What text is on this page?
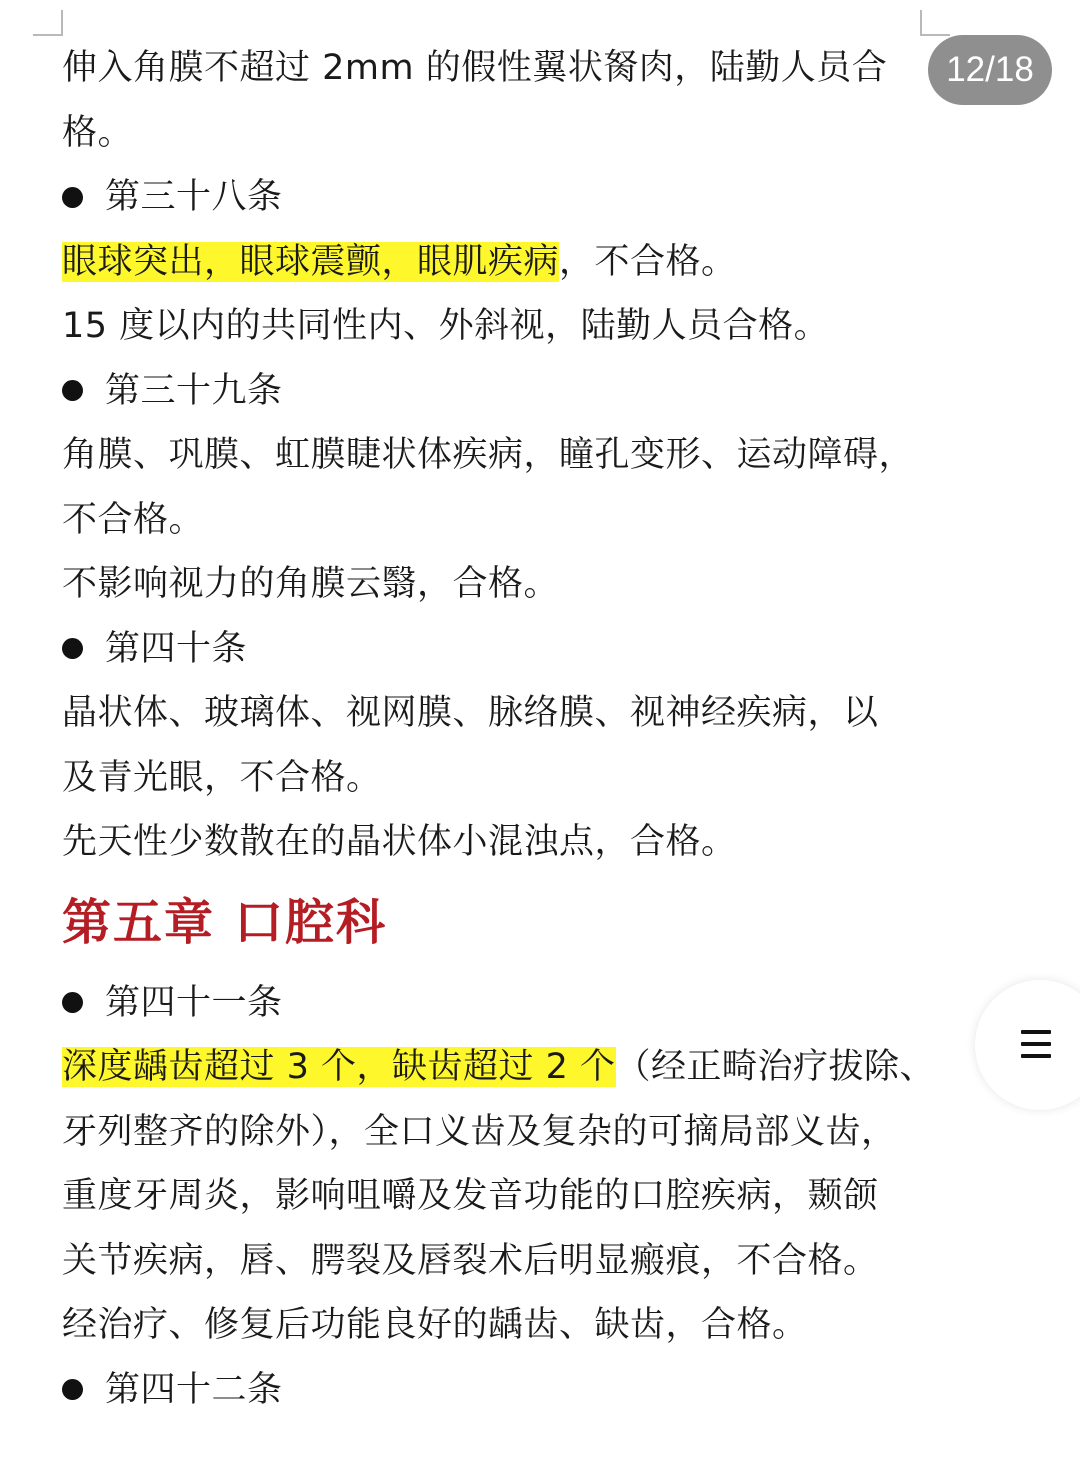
12/18
伸入角膜不超过 2mm 的假性翼状胬肉，陆勤人员合
格。
第三十八条
眼球突出，眼球震颤，眼肌疾病，不合格。
15 度以内的共同性内、外斜视，陆勤人员合格。
第三十九条
角膜、巩膜、虹膜睫状体疾病，瞳孔变形、运动障碍，
不合格。
不影响视力的角膜云翳，合格。
第四十条
晶状体、玻璃体、视网膜、脉络膜、视神经疾病，以
及青光眼，不合格。
先天性少数散在的晶状体小混浊点，合格。
第五章 口腔科
第四十一条
深度龋齿超过 3 个，缺齿超过 2 个（经正畸治疗拔除、
牙列整齐的除外），全口义齿及复杂的可摘局部义齿，
重度牙周炎，影响咀嚼及发音功能的口腔疾病，颞颌
关节疾病，唇、腭裂及唇裂术后明显瘢痕，不合格。
经治疗、修复后功能良好的龋齿、缺齿，合格。
第四十二条
